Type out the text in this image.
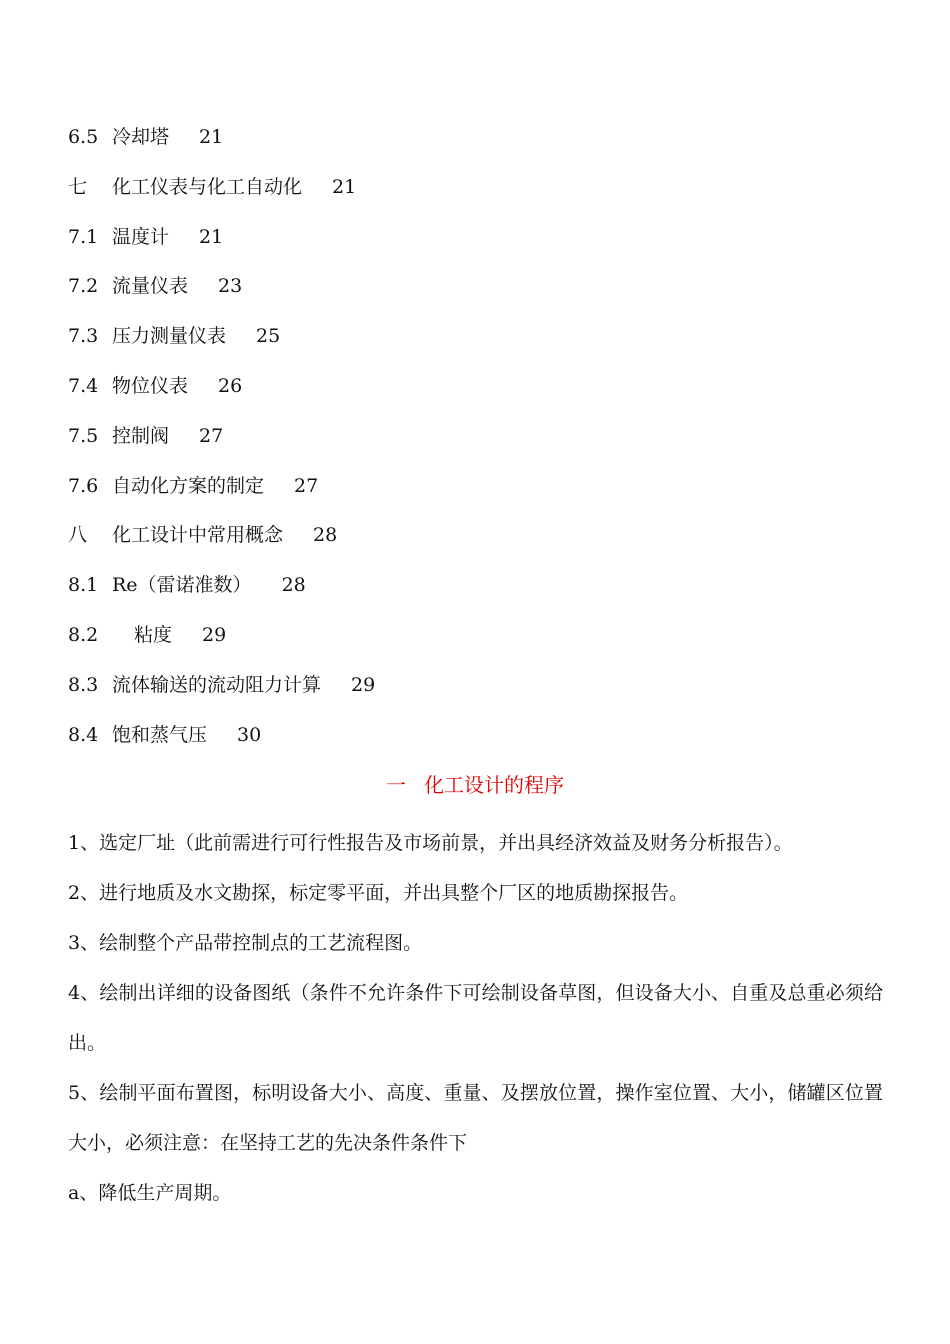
6.5 冷却塔 21
七 化工仪表与化工自动化 21
7.1 温度计 21
7.2 流量仪表 23
7.3 压力测量仪表 25
7.4 物位仪表 26
7.5 控制阀 27
7.6 自动化方案的制定 27
八 化工设计中常用概念 28
8.1 Re（雷诺准数） 28
8.2 粘度 29
8.3 流体输送的流动阻力计算 29
8.4 饱和蒸气压 30
一 化工设计的程序

1、选定厂址（此前需进行可行性报告及市场前景，并出具经济效益及财务分析报告）。

2、进行地质及水文勘探，标定零平面，并出具整个厂区的地质勘探报告。

3、绘制整个产品带控制点的工艺流程图。

4、绘制出详细的设备图纸（条件不允许条件下可绘制设备草图，但设备大小、自重及总重必须给出。

5、绘制平面布置图，标明设备大小、高度、重量、及摆放位置，操作室位置、大小，储罐区位置大小，必须注意：在坚持工艺的先决条件条件下

a、降低生产周期。
